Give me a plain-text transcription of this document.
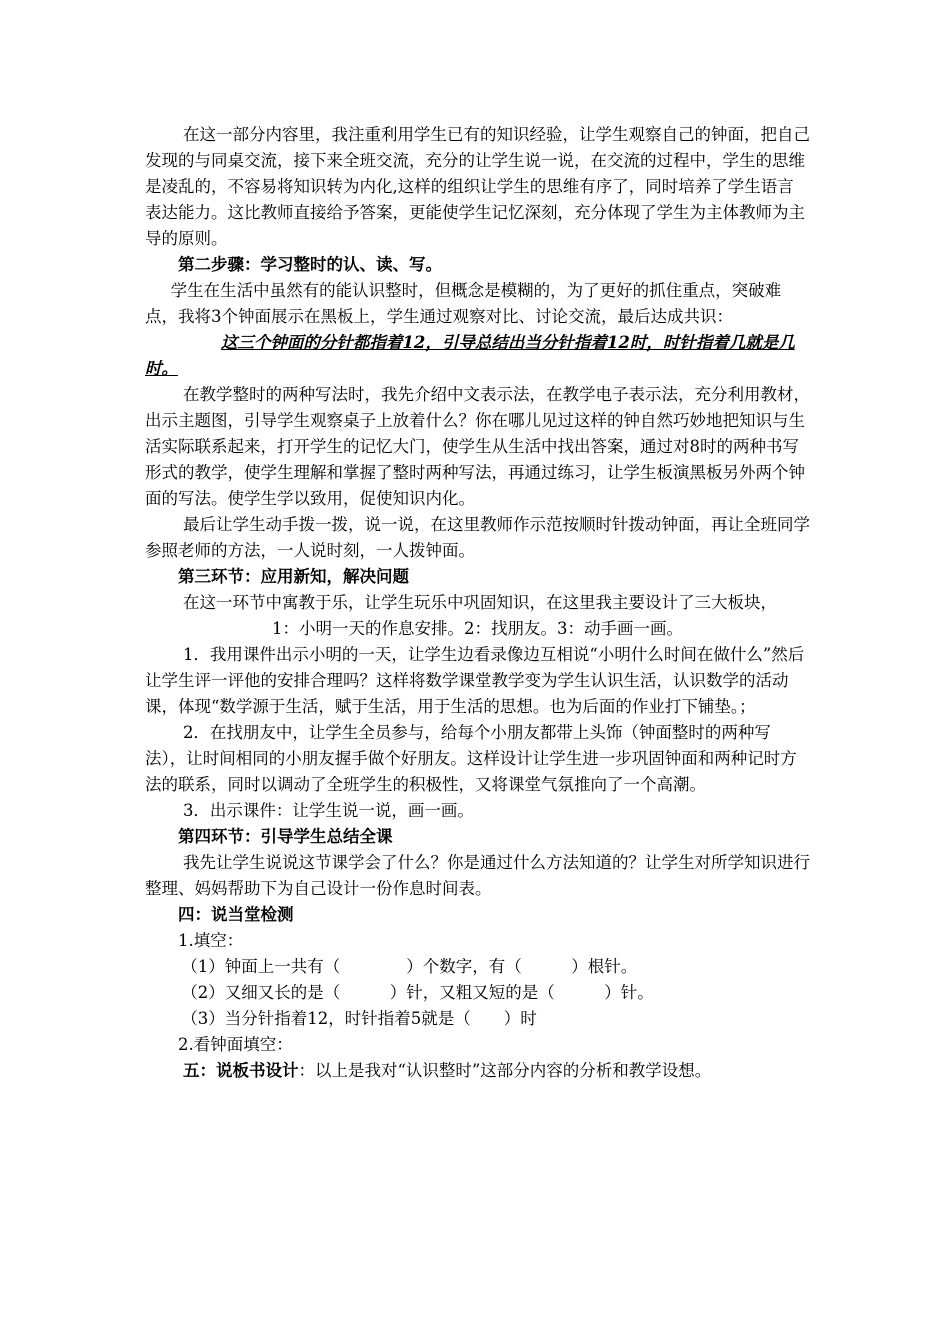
在这一部分内容里，我注重利用学生已有的知识经验，让学生观察自己的钟面，把自己发现的与同桌交流，接下来全班交流，充分的让学生说一说，在交流的过程中，学生的思维是凌乱的，不容易将知识转为内化,这样的组织让学生的思维有序了，同时培养了学生语言表达能力。这比教师直接给予答案，更能使学生记忆深刻，充分体现了学生为主体教师为主导的原则。

第二步骤：学习整时的认、读、写。

学生在生活中虽然有的能认识整时，但概念是模糊的，为了更好的抓住重点，突破难点，我将3个钟面展示在黑板上，学生通过观察对比、讨论交流，最后达成共识：

这三个钟面的分针都指着12，引导总结出当分针指着12时，时针指着几就是几时。

在教学整时的两种写法时，我先介绍中文表示法，在教学电子表示法，充分利用教材，出示主题图，引导学生观察桌子上放着什么？你在哪儿见过这样的钟自然巧妙地把知识与生活实际联系起来，打开学生的记忆大门，使学生从生活中找出答案，通过对8时的两种书写形式的教学，使学生理解和掌握了整时两种写法，再通过练习，让学生板演黑板另外两个钟面的写法。使学生学以致用，促使知识内化。

最后让学生动手拨一拨，说一说，在这里教师作示范按顺时针拨动钟面，再让全班同学参照老师的方法，一人说时刻，一人拨钟面。

第三环节：应用新知，解决问题

在这一环节中寓教于乐，让学生玩乐中巩固知识，在这里我主要设计了三大板块，

1：小明一天的作息安排。2：找朋友。3：动手画一画。

1．我用课件出示小明的一天，让学生边看录像边互相说“小明什么时间在做什么”然后让学生评一评他的安排合理吗？这样将数学课堂教学变为学生认识生活，认识数学的活动课，体现“数学源于生活，赋于生活，用于生活的思想。也为后面的作业打下铺垫。；

2．在找朋友中，让学生全员参与，给每个小朋友都带上头饰（钟面整时的两种写法），让时间相同的小朋友握手做个好朋友。这样设计让学生进一步巩固钟面和两种记时方法的联系，同时以调动了全班学生的积极性，又将课堂气氛推向了一个高潮。

3．出示课件：让学生说一说，画一画。

第四环节：引导学生总结全课

我先让学生说说这节课学会了什么？你是通过什么方法知道的？让学生对所学知识进行整理、妈妈帮助下为自己设计一份作息时间表。

四：说当堂检测

1.填空：

（1）钟面上一共有（　　　　）个数字，有（　　　）根针。

（2）又细又长的是（　　　）针，又粗又短的是（　　　）针。

（3）当分针指着12，时针指着5就是（　　）时

2.看钟面填空：

五：说板书设计：以上是我对“认识整时”这部分内容的分析和教学设想。
